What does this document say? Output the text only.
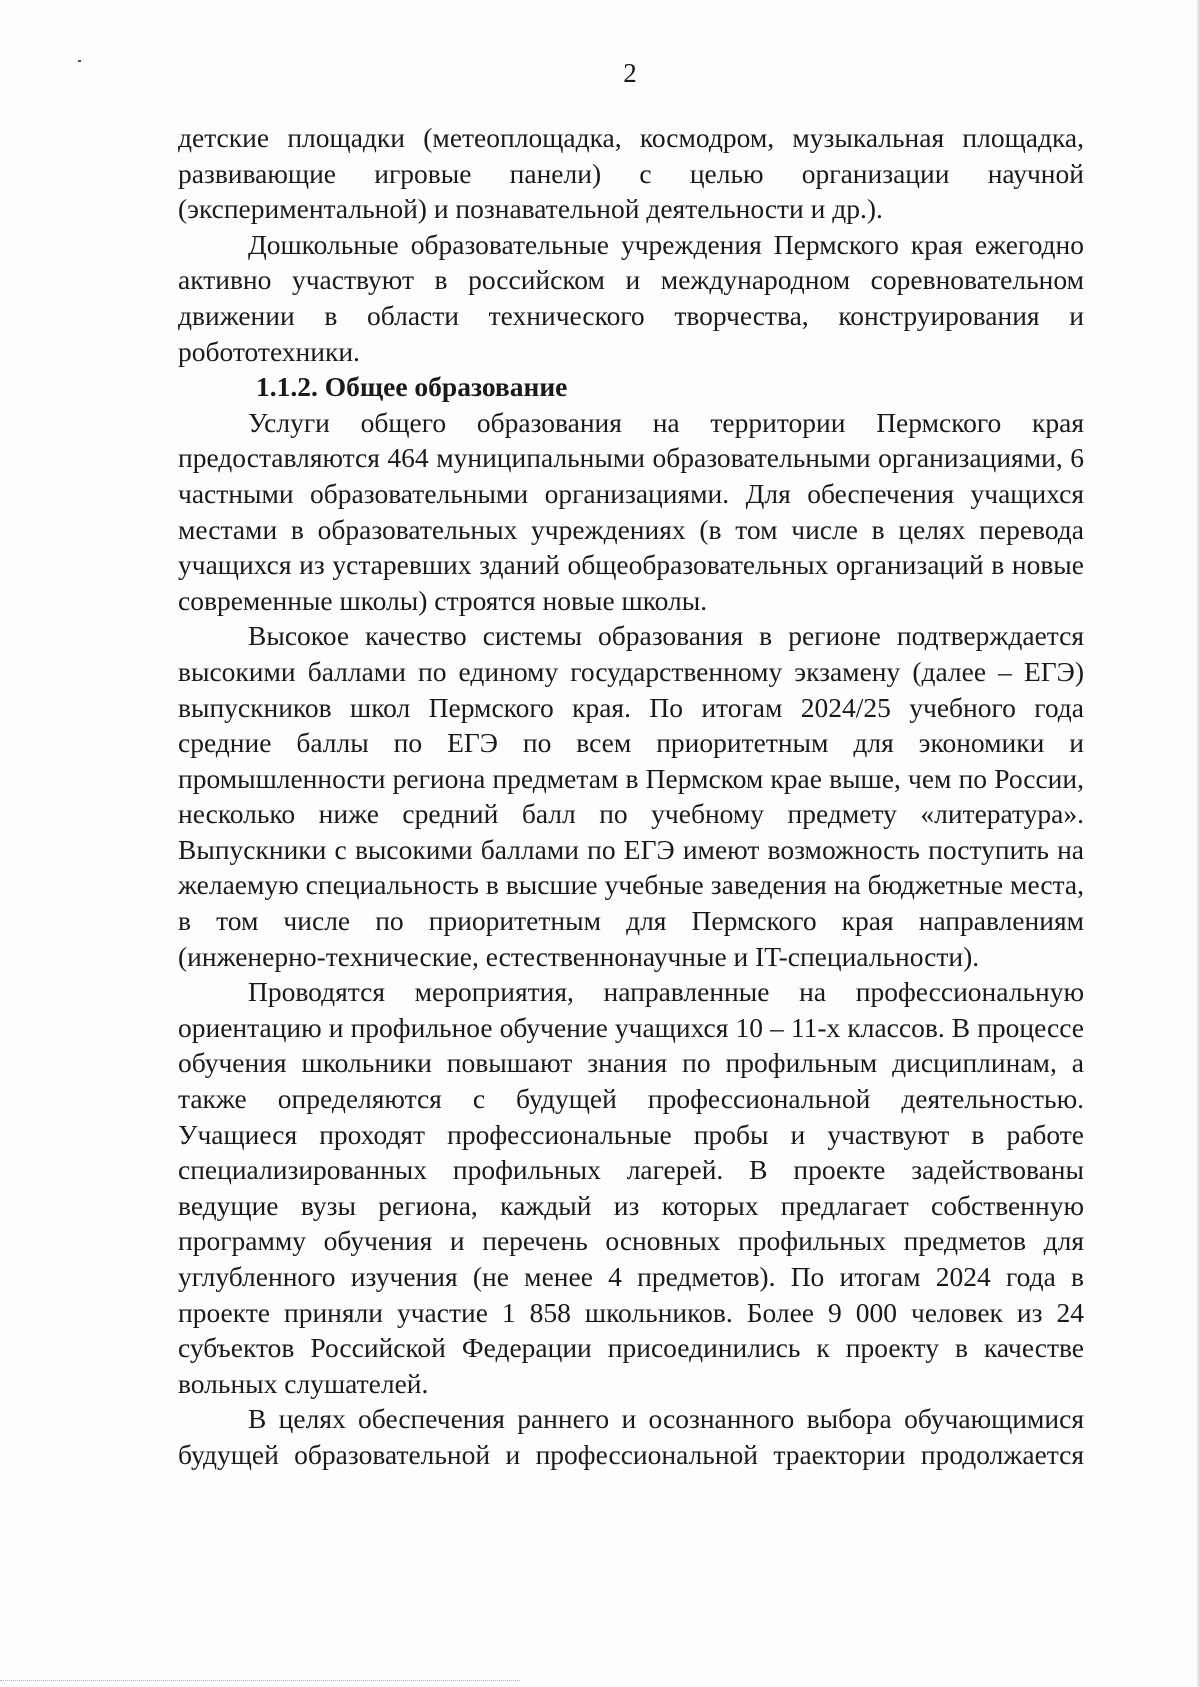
2

детские площадки (метеоплощадка, космодром, музыкальная площадка, развивающие игровые панели) с целью организации научной (экспериментальной) и познавательной деятельности и др.).

Дошкольные образовательные учреждения Пермского края ежегодно активно участвуют в российском и международном соревновательном движении в области технического творчества, конструирования и робототехники.

1.1.2. Общее образование

Услуги общего образования на территории Пермского края предоставляются 464 муниципальными образовательными организациями, 6 частными образовательными организациями. Для обеспечения учащихся местами в образовательных учреждениях (в том числе в целях перевода учащихся из устаревших зданий общеобразовательных организаций в новые современные школы) строятся новые школы.

Высокое качество системы образования в регионе подтверждается высокими баллами по единому государственному экзамену (далее – ЕГЭ) выпускников школ Пермского края. По итогам 2024/25 учебного года средние баллы по ЕГЭ по всем приоритетным для экономики и промышленности региона предметам в Пермском крае выше, чем по России, несколько ниже средний балл по учебному предмету «литература». Выпускники с высокими баллами по ЕГЭ имеют возможность поступить на желаемую специальность в высшие учебные заведения на бюджетные места, в том числе по приоритетным для Пермского края направлениям (инженерно-технические, естественнонаучные и IT-специальности).

Проводятся мероприятия, направленные на профессиональную ориентацию и профильное обучение учащихся 10 – 11-х классов. В процессе обучения школьники повышают знания по профильным дисциплинам, а также определяются с будущей профессиональной деятельностью. Учащиеся проходят профессиональные пробы и участвуют в работе специализированных профильных лагерей. В проекте задействованы ведущие вузы региона, каждый из которых предлагает собственную программу обучения и перечень основных профильных предметов для углубленного изучения (не менее 4 предметов). По итогам 2024 года в проекте приняли участие 1 858 школьников. Более 9 000 человек из 24 субъектов Российской Федерации присоединились к проекту в качестве вольных слушателей.

В целях обеспечения раннего и осознанного выбора обучающимися будущей образовательной и профессиональной траектории продолжается
